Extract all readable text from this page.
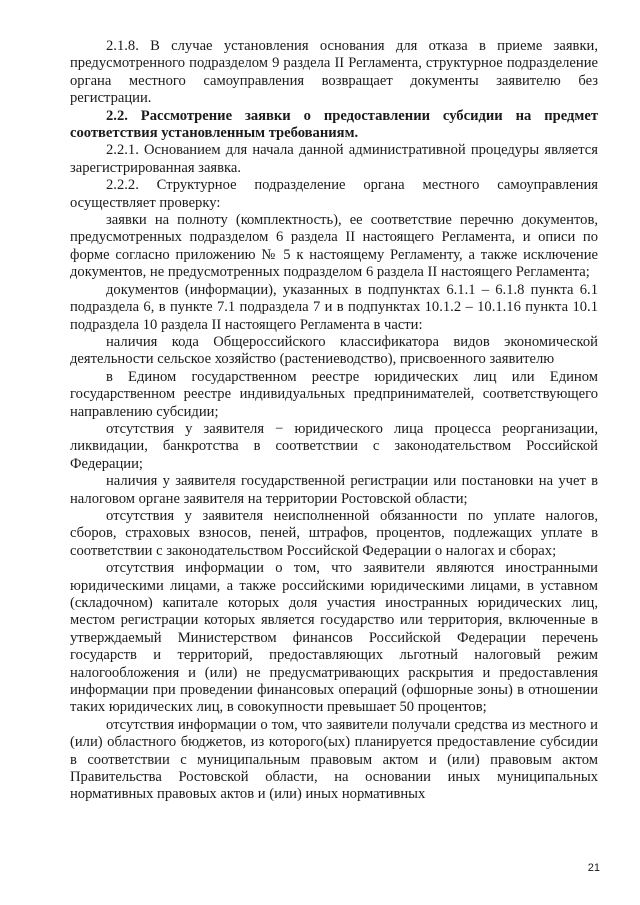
2.1.8. В случае установления основания для отказа в приеме заявки, предусмотренного подразделом 9 раздела II Регламента, структурное подразделение органа местного самоуправления возвращает документы заявителю без регистрации.

2.2. Рассмотрение заявки о предоставлении субсидии на предмет соответствия установленным требованиям.

2.2.1. Основанием для начала данной административной процедуры является зарегистрированная заявка.

2.2.2. Структурное подразделение органа местного самоуправления осуществляет проверку:

заявки на полноту (комплектность), ее соответствие перечню документов, предусмотренных подразделом 6 раздела II настоящего Регламента, и описи по форме согласно приложению № 5 к настоящему Регламенту, а также исключение документов, не предусмотренных подразделом 6 раздела II настоящего Регламента;

документов (информации), указанных в подпунктах 6.1.1 – 6.1.8 пункта 6.1 подраздела 6, в пункте 7.1 подраздела 7 и в подпунктах 10.1.2 – 10.1.16 пункта 10.1 подраздела 10 раздела II настоящего Регламента в части:

наличия кода Общероссийского классификатора видов экономической деятельности сельское хозяйство (растениеводство), присвоенного заявителю

в Едином государственном реестре юридических лиц или Едином государственном реестре индивидуальных предпринимателей, соответствующего направлению субсидии;

отсутствия у заявителя − юридического лица процесса реорганизации, ликвидации, банкротства в соответствии с законодательством Российской Федерации;

наличия у заявителя государственной регистрации или постановки на учет в налоговом органе заявителя на территории Ростовской области;

отсутствия у заявителя неисполненной обязанности по уплате налогов, сборов, страховых взносов, пеней, штрафов, процентов, подлежащих уплате в соответствии с законодательством Российской Федерации о налогах и сборах;

отсутствия информации о том, что заявители являются иностранными юридическими лицами, а также российскими юридическими лицами, в уставном (складочном) капитале которых доля участия иностранных юридических лиц, местом регистрации которых является государство или территория, включенные в утверждаемый Министерством финансов Российской Федерации перечень государств и территорий, предоставляющих льготный налоговый режим налогообложения и (или) не предусматривающих раскрытия и предоставления информации при проведении финансовых операций (офшорные зоны) в отношении таких юридических лиц, в совокупности превышает 50 процентов;

отсутствия информации о том, что заявители получали средства из местного и (или) областного бюджетов, из которого(ых) планируется предоставление субсидии в соответствии с муниципальным правовым актом и (или) правовым актом Правительства Ростовской области, на основании иных муниципальных нормативных правовых актов и (или) иных нормативных

21
